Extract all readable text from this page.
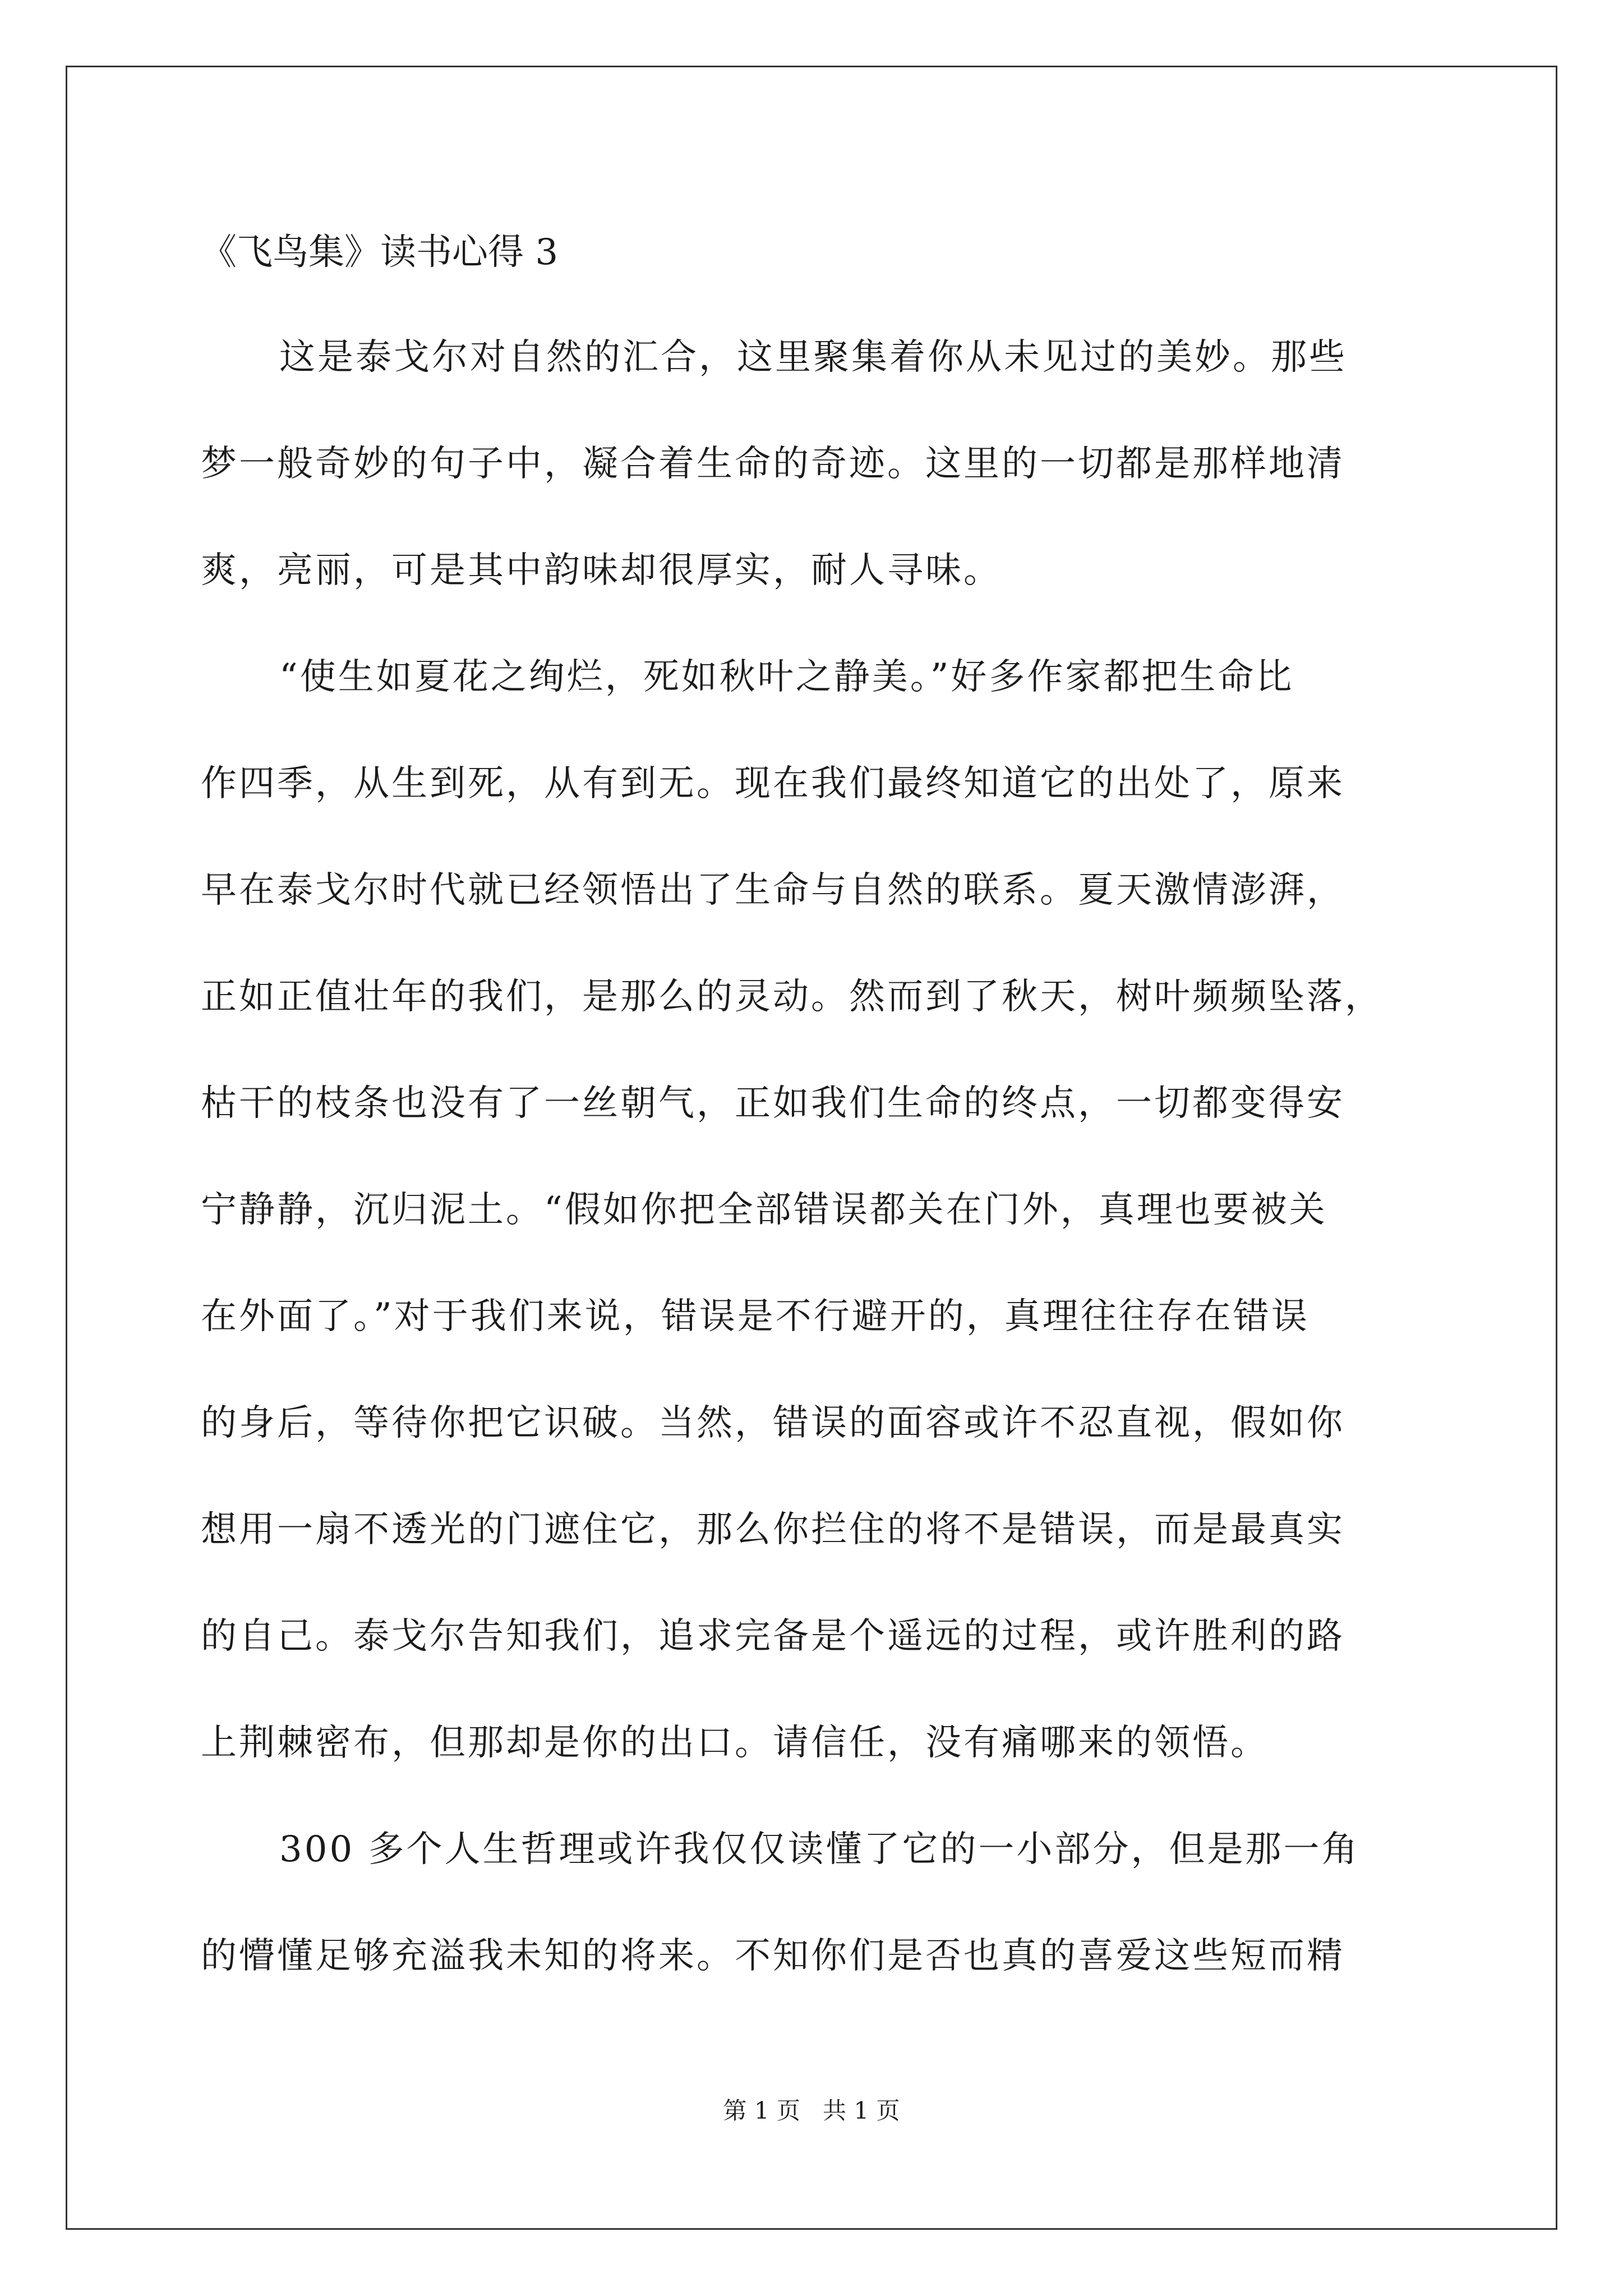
《飞鸟集》读书心得 3
这是泰戈尔对自然的汇合，这里聚集着你从未见过的美妙。那些
梦一般奇妙的句子中，凝合着生命的奇迹。这里的一切都是那样地清
爽，亮丽，可是其中韵味却很厚实，耐人寻味。
“使生如夏花之绚烂，死如秋叶之静美。”好多作家都把生命比
作四季，从生到死，从有到无。现在我们最终知道它的出处了，原来
早在泰戈尔时代就已经领悟出了生命与自然的联系。夏天激情澎湃，
正如正值壮年的我们，是那么的灵动。然而到了秋天，树叶频频坠落，
枯干的枝条也没有了一丝朝气，正如我们生命的终点，一切都变得安
宁静静，沉归泥土。“假如你把全部错误都关在门外，真理也要被关
在外面了。”对于我们来说，错误是不行避开的，真理往往存在错误
的身后，等待你把它识破。当然，错误的面容或许不忍直视，假如你
想用一扇不透光的门遮住它，那么你拦住的将不是错误，而是最真实
的自己。泰戈尔告知我们，追求完备是个遥远的过程，或许胜利的路
上荆棘密布，但那却是你的出口。请信任，没有痛哪来的领悟。
300 多个人生哲理或许我仅仅读懂了它的一小部分，但是那一角
的懵懂足够充溢我未知的将来。不知你们是否也真的喜爱这些短而精
第 1 页   共 1 页
